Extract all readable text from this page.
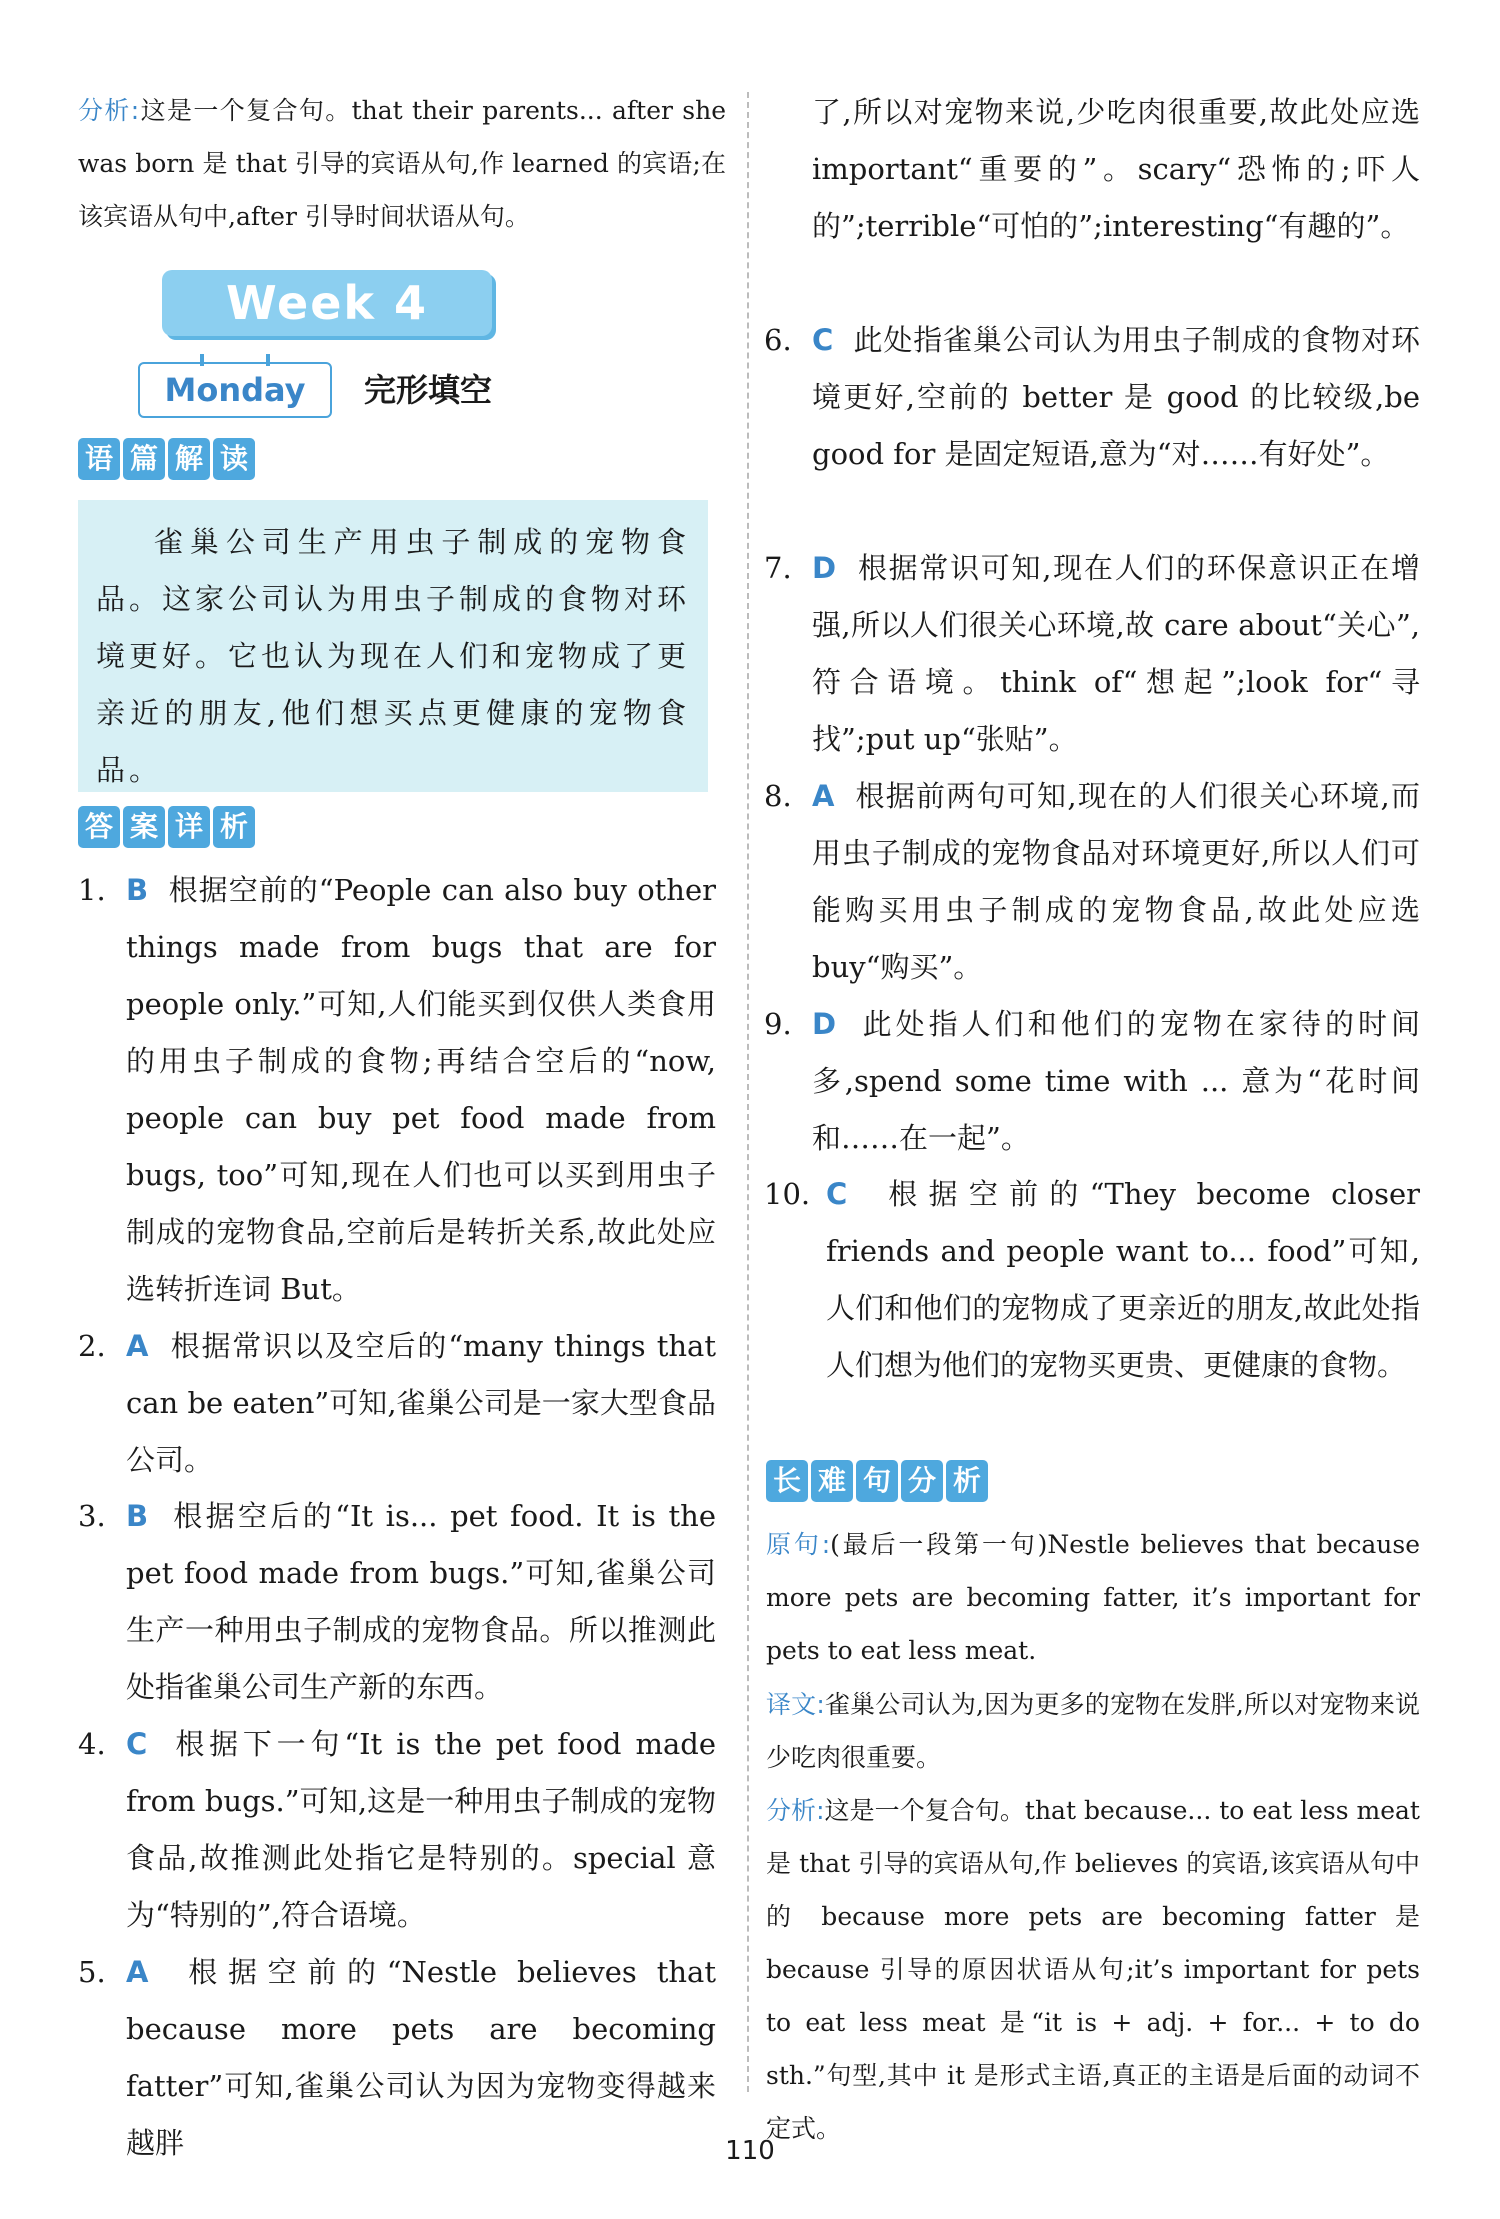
分析:这是一个复合句。that their parents... after she was born 是 that 引导的宾语从句,作 learned 的宾语;在该宾语从句中,after 引导时间状语从句。
Week 4
Monday	完形填空
语 篇 解 读
雀巢公司生产用虫子制成的宠物食品。这家公司认为用虫子制成的食物对环境更好。它也认为现在人们和宠物成了更亲近的朋友,他们想买点更健康的宠物食品。
答 案 详 析
1. B 根据空前的“People can also buy other things made from bugs that are for people only.”可知,人们能买到仅供人类食用的用虫子制成的食物;再结合空后的“now, people can buy pet food made from bugs, too”可知,现在人们也可以买到用虫子制成的宠物食品,空前后是转折关系,故此处应选转折连词 But。
2. A 根据常识以及空后的“many things that can be eaten”可知,雀巢公司是一家大型食品公司。
3. B 根据空后的“It is... pet food. It is the pet food made from bugs.”可知,雀巢公司生产一种用虫子制成的宠物食品。所以推测此处指雀巢公司生产新的东西。
4. C 根据下一句“It is the pet food made from bugs.”可知,这是一种用虫子制成的宠物食品,故推测此处指它是特别的。special 意为“特别的”,符合语境。
5. A 根据空前的“Nestle believes that because more pets are becoming fatter”可知,雀巢公司认为因为宠物变得越来越胖
了,所以对宠物来说,少吃肉很重要,故此处应选 important“重要的”。scary“恐怖的;吓人的”;terrible“可怕的”;interesting“有趣的”。
6. C 此处指雀巢公司认为用虫子制成的食物对环境更好,空前的 better 是 good 的比较级,be good for 是固定短语,意为“对……有好处”。
7. D 根据常识可知,现在人们的环保意识正在增强,所以人们很关心环境,故 care about“关心”,符合语境。think of“想起”;look for“寻找”;put up“张贴”。
8. A 根据前两句可知,现在的人们很关心环境,而用虫子制成的宠物食品对环境更好,所以人们可能购买用虫子制成的宠物食品,故此处应选 buy“购买”。
9. D 此处指人们和他们的宠物在家待的时间多,spend some time with ... 意为“花时间和……在一起”。
10. C 根据空前的“They become closer friends and people want to... food”可知,人们和他们的宠物成了更亲近的朋友,故此处指人们想为他们的宠物买更贵、更健康的食物。
长 难 句 分 析
原句:(最后一段第一句)Nestle believes that because more pets are becoming fatter, it’s important for pets to eat less meat.
译文:雀巢公司认为,因为更多的宠物在发胖,所以对宠物来说少吃肉很重要。
分析:这是一个复合句。that because... to eat less meat 是 that 引导的宾语从句,作 believes 的宾语,该宾语从句中的 because more pets are becoming fatter 是 because 引导的原因状语从句;it’s important for pets to eat less meat 是“it is + adj. + for... + to do sth.”句型,其中 it 是形式主语,真正的主语是后面的动词不定式。
110
